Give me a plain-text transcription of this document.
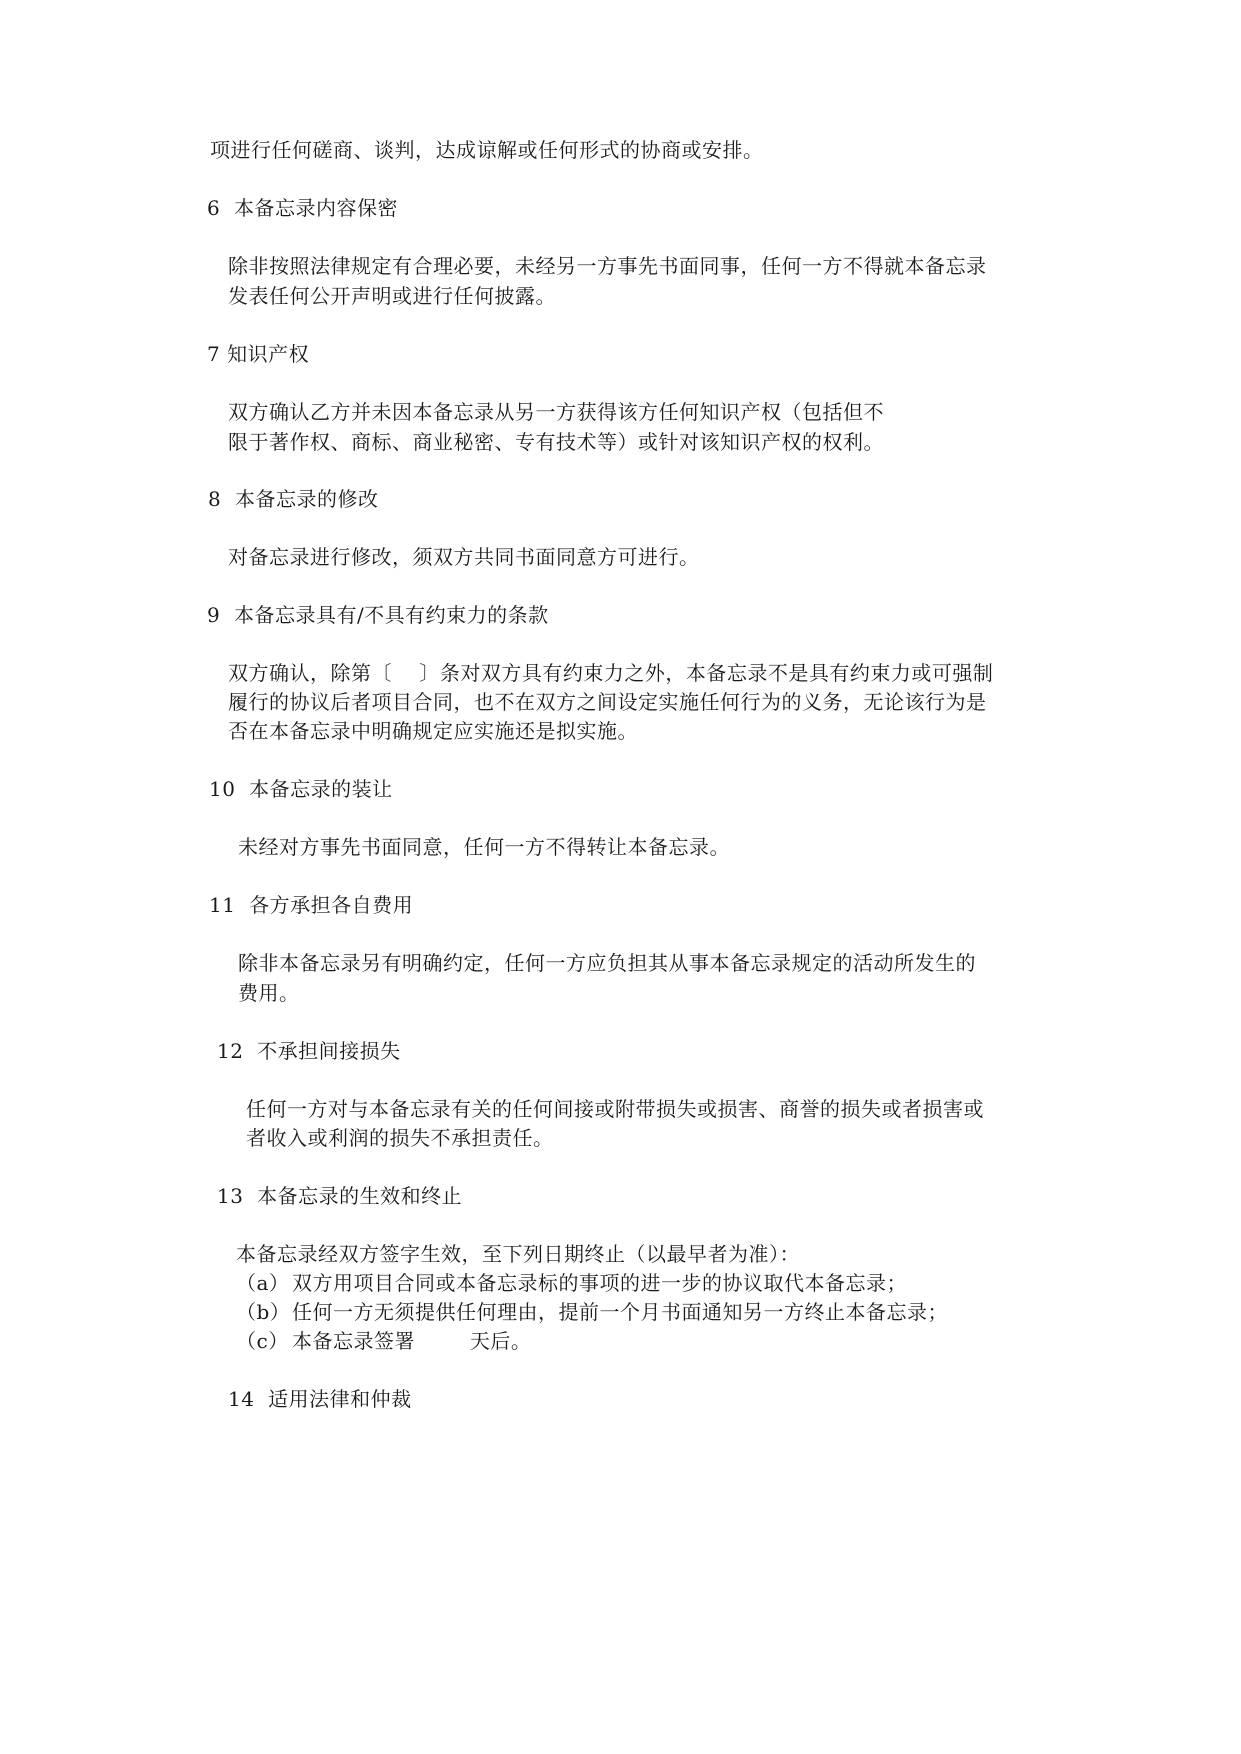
项进行任何磋商、谈判，达成谅解或任何形式的协商或安排。
6  本备忘录内容保密
除非按照法律规定有合理必要，未经另一方事先书面同事，任何一方不得就本备忘录
发表任何公开声明或进行任何披露。
7 知识产权
双方确认乙方并未因本备忘录从另一方获得该方任何知识产权（包括但不
限于著作权、商标、商业秘密、专有技术等）或针对该知识产权的权利。
8  本备忘录的修改
对备忘录进行修改，须双方共同书面同意方可进行。
9  本备忘录具有/不具有约束力的条款
双方确认，除第〔    〕条对双方具有约束力之外，本备忘录不是具有约束力或可强制
履行的协议后者项目合同，也不在双方之间设定实施任何行为的义务，无论该行为是
否在本备忘录中明确规定应实施还是拟实施。
10  本备忘录的装让
未经对方事先书面同意，任何一方不得转让本备忘录。
11  各方承担各自费用
除非本备忘录另有明确约定，任何一方应负担其从事本备忘录规定的活动所发生的
费用。
12  不承担间接损失
任何一方对与本备忘录有关的任何间接或附带损失或损害、商誉的损失或者损害或
者收入或利润的损失不承担责任。
13  本备忘录的生效和终止
本备忘录经双方签字生效，至下列日期终止（以最早者为准）：
（a） 双方用项目合同或本备忘录标的事项的进一步的协议取代本备忘录；
（b） 任何一方无须提供任何理由，提前一个月书面通知另一方终止本备忘录；
（c） 本备忘录签署        天后。
14  适用法律和仲裁
